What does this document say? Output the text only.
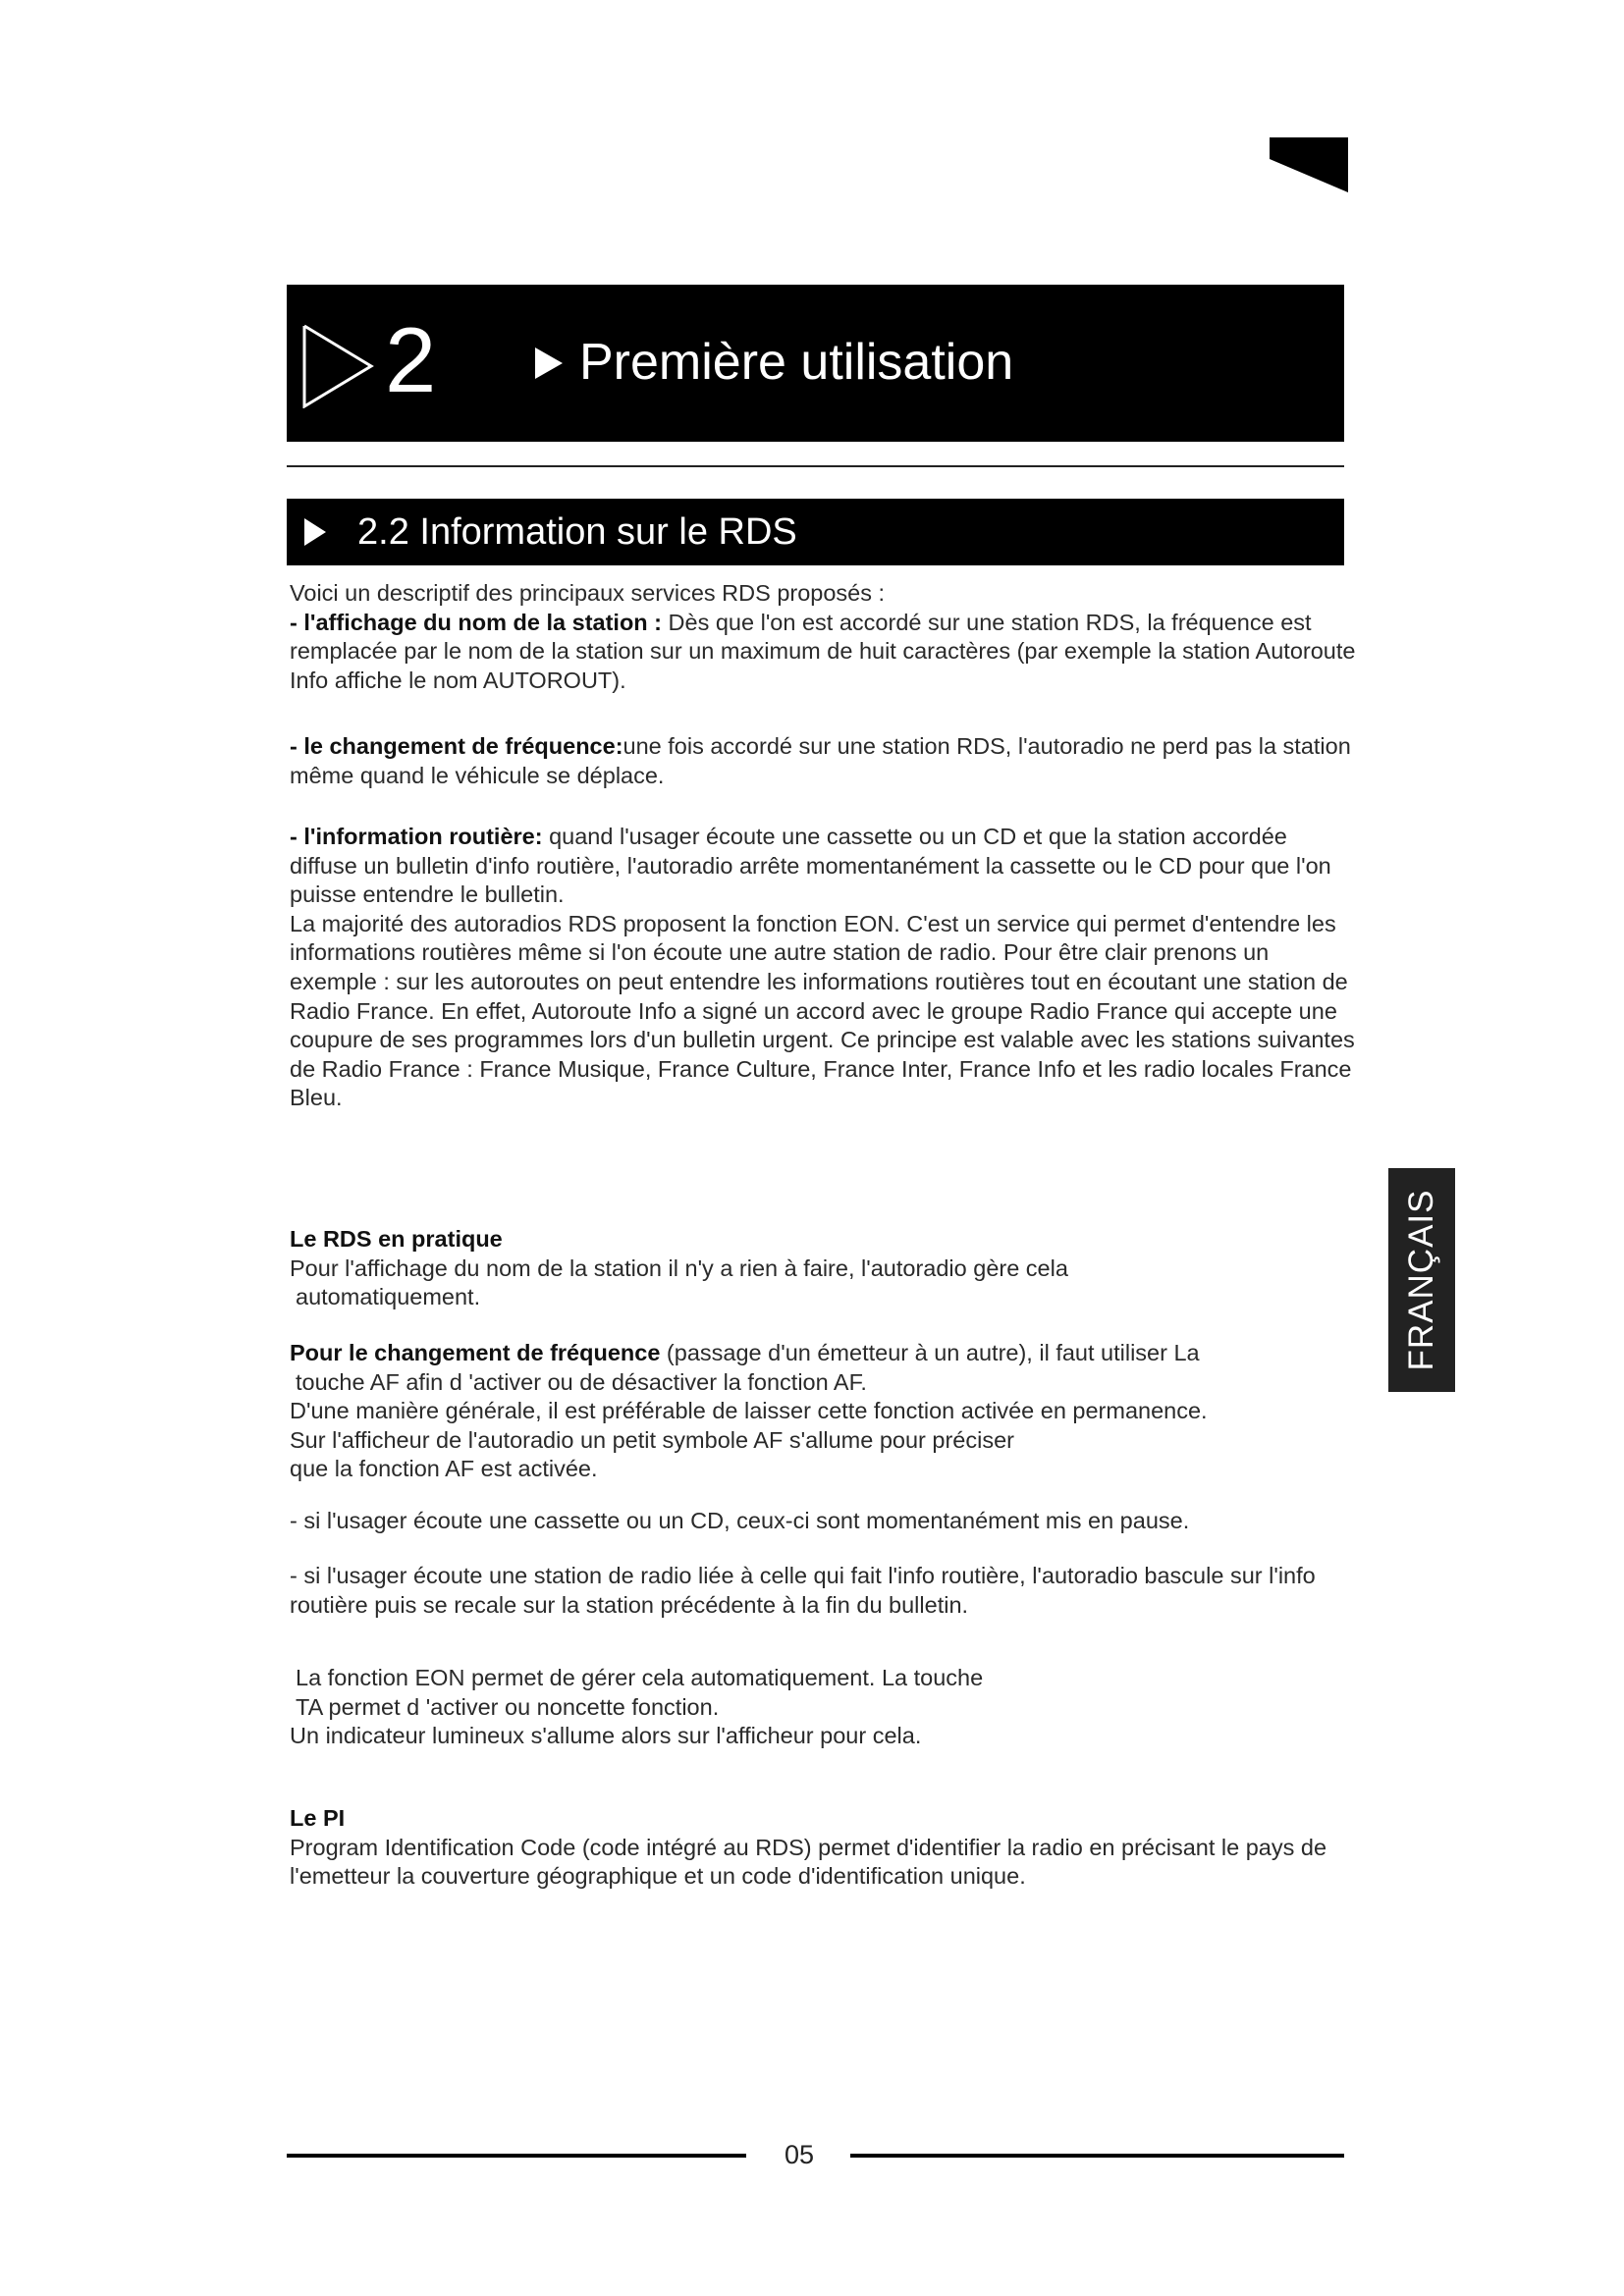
2	Première utilisation
2.2 Information sur le RDS

Voici un descriptif des principaux services RDS proposés :

- l'affichage du nom de la station : Dès que l'on est accordé sur une station RDS, la fréquence est remplacée par le nom de la station sur un maximum de huit caractères (par exemple la station Autoroute Info affiche le nom AUTOROUT).

- le changement de fréquence:une fois accordé sur une station RDS, l'autoradio ne perd pas la station même quand le véhicule se déplace.

- l'information routière: quand l'usager écoute une cassette ou un CD et que la station accordée diffuse un bulletin d'info routière, l'autoradio arrête momentanément la cassette ou le CD pour que l'on puisse entendre le bulletin.

La majorité des autoradios RDS proposent la fonction EON. C'est un service qui permet d'entendre les informations routières même si l'on écoute une autre station de radio. Pour être clair prenons un exemple : sur les autoroutes on peut entendre les informations routières tout en écoutant une station de Radio France. En effet, Autoroute Info a signé un accord avec le groupe Radio France qui accepte une coupure de ses programmes lors d'un bulletin urgent. Ce principe est valable avec les stations suivantes de Radio France : France Musique, France Culture, France Inter, France Info et les radio locales France Bleu.

Le RDS en pratique

Pour l'affichage du nom de la station il n'y a rien à faire, l'autoradio gère cela

automatiquement.

Pour le changement de fréquence (passage d'un émetteur à un autre), il faut utiliser La

touche AF afin d 'activer ou de désactiver la fonction AF.

D'une manière générale, il est préférable de laisser cette fonction activée en permanence.

Sur l'afficheur de l'autoradio un petit symbole AF s'allume pour préciser

que la fonction AF est activée.

- si l'usager écoute une cassette ou un CD, ceux-ci sont momentanément mis en pause.

- si l'usager écoute une station de radio liée à celle qui fait l'info routière, l'autoradio bascule sur l'info routière puis se recale sur la station précédente à la fin du bulletin.

La fonction EON permet de gérer cela automatiquement. La touche

TA permet d 'activer ou noncette fonction.

Un indicateur lumineux s'allume alors sur l'afficheur pour cela.

Le PI

Program Identification Code (code intégré au RDS) permet d'identifier la radio en précisant le pays de l'emetteur la couverture géographique et un code d'identification unique.

FRANÇAIS
05
